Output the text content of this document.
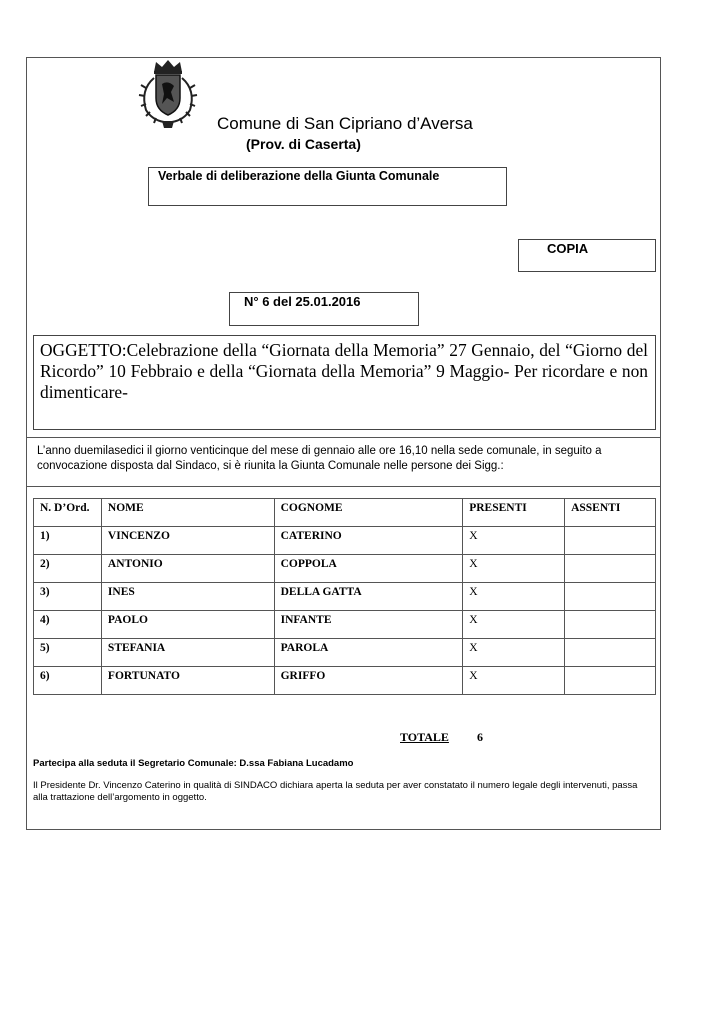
Comune di San Cipriano d’Aversa
(Prov. di Caserta)
Verbale di deliberazione della Giunta Comunale
COPIA
N° 6 del 25.01.2016
OGGETTO:Celebrazione della “Giornata della Memoria” 27 Gennaio, del “Giorno del Ricordo” 10 Febbraio e della “Giornata della Memoria” 9 Maggio- Per ricordare e non dimenticare-
L’anno duemilasedici il giorno venticinque del mese di gennaio alle ore 16,10 nella sede comunale, in seguito a convocazione disposta dal Sindaco, si è riunita la Giunta Comunale nelle persone dei Sigg.:
N. D’Ord.	NOME	COGNOME	PRESENTI	ASSENTI
1)	VINCENZO	CATERINO	X	
2)	ANTONIO	COPPOLA	X	
3)	INES	DELLA GATTA	X	
4)	PAOLO	INFANTE	X	
5)	STEFANIA	PAROLA	X	
6)	FORTUNATO	GRIFFO	X	
TOTALE 6
Partecipa alla seduta il Segretario Comunale: D.ssa Fabiana Lucadamo
Il Presidente Dr. Vincenzo Caterino in qualità di SINDACO dichiara aperta la seduta per aver constatato il numero legale degli intervenuti, passa alla trattazione dell’argomento in oggetto.
